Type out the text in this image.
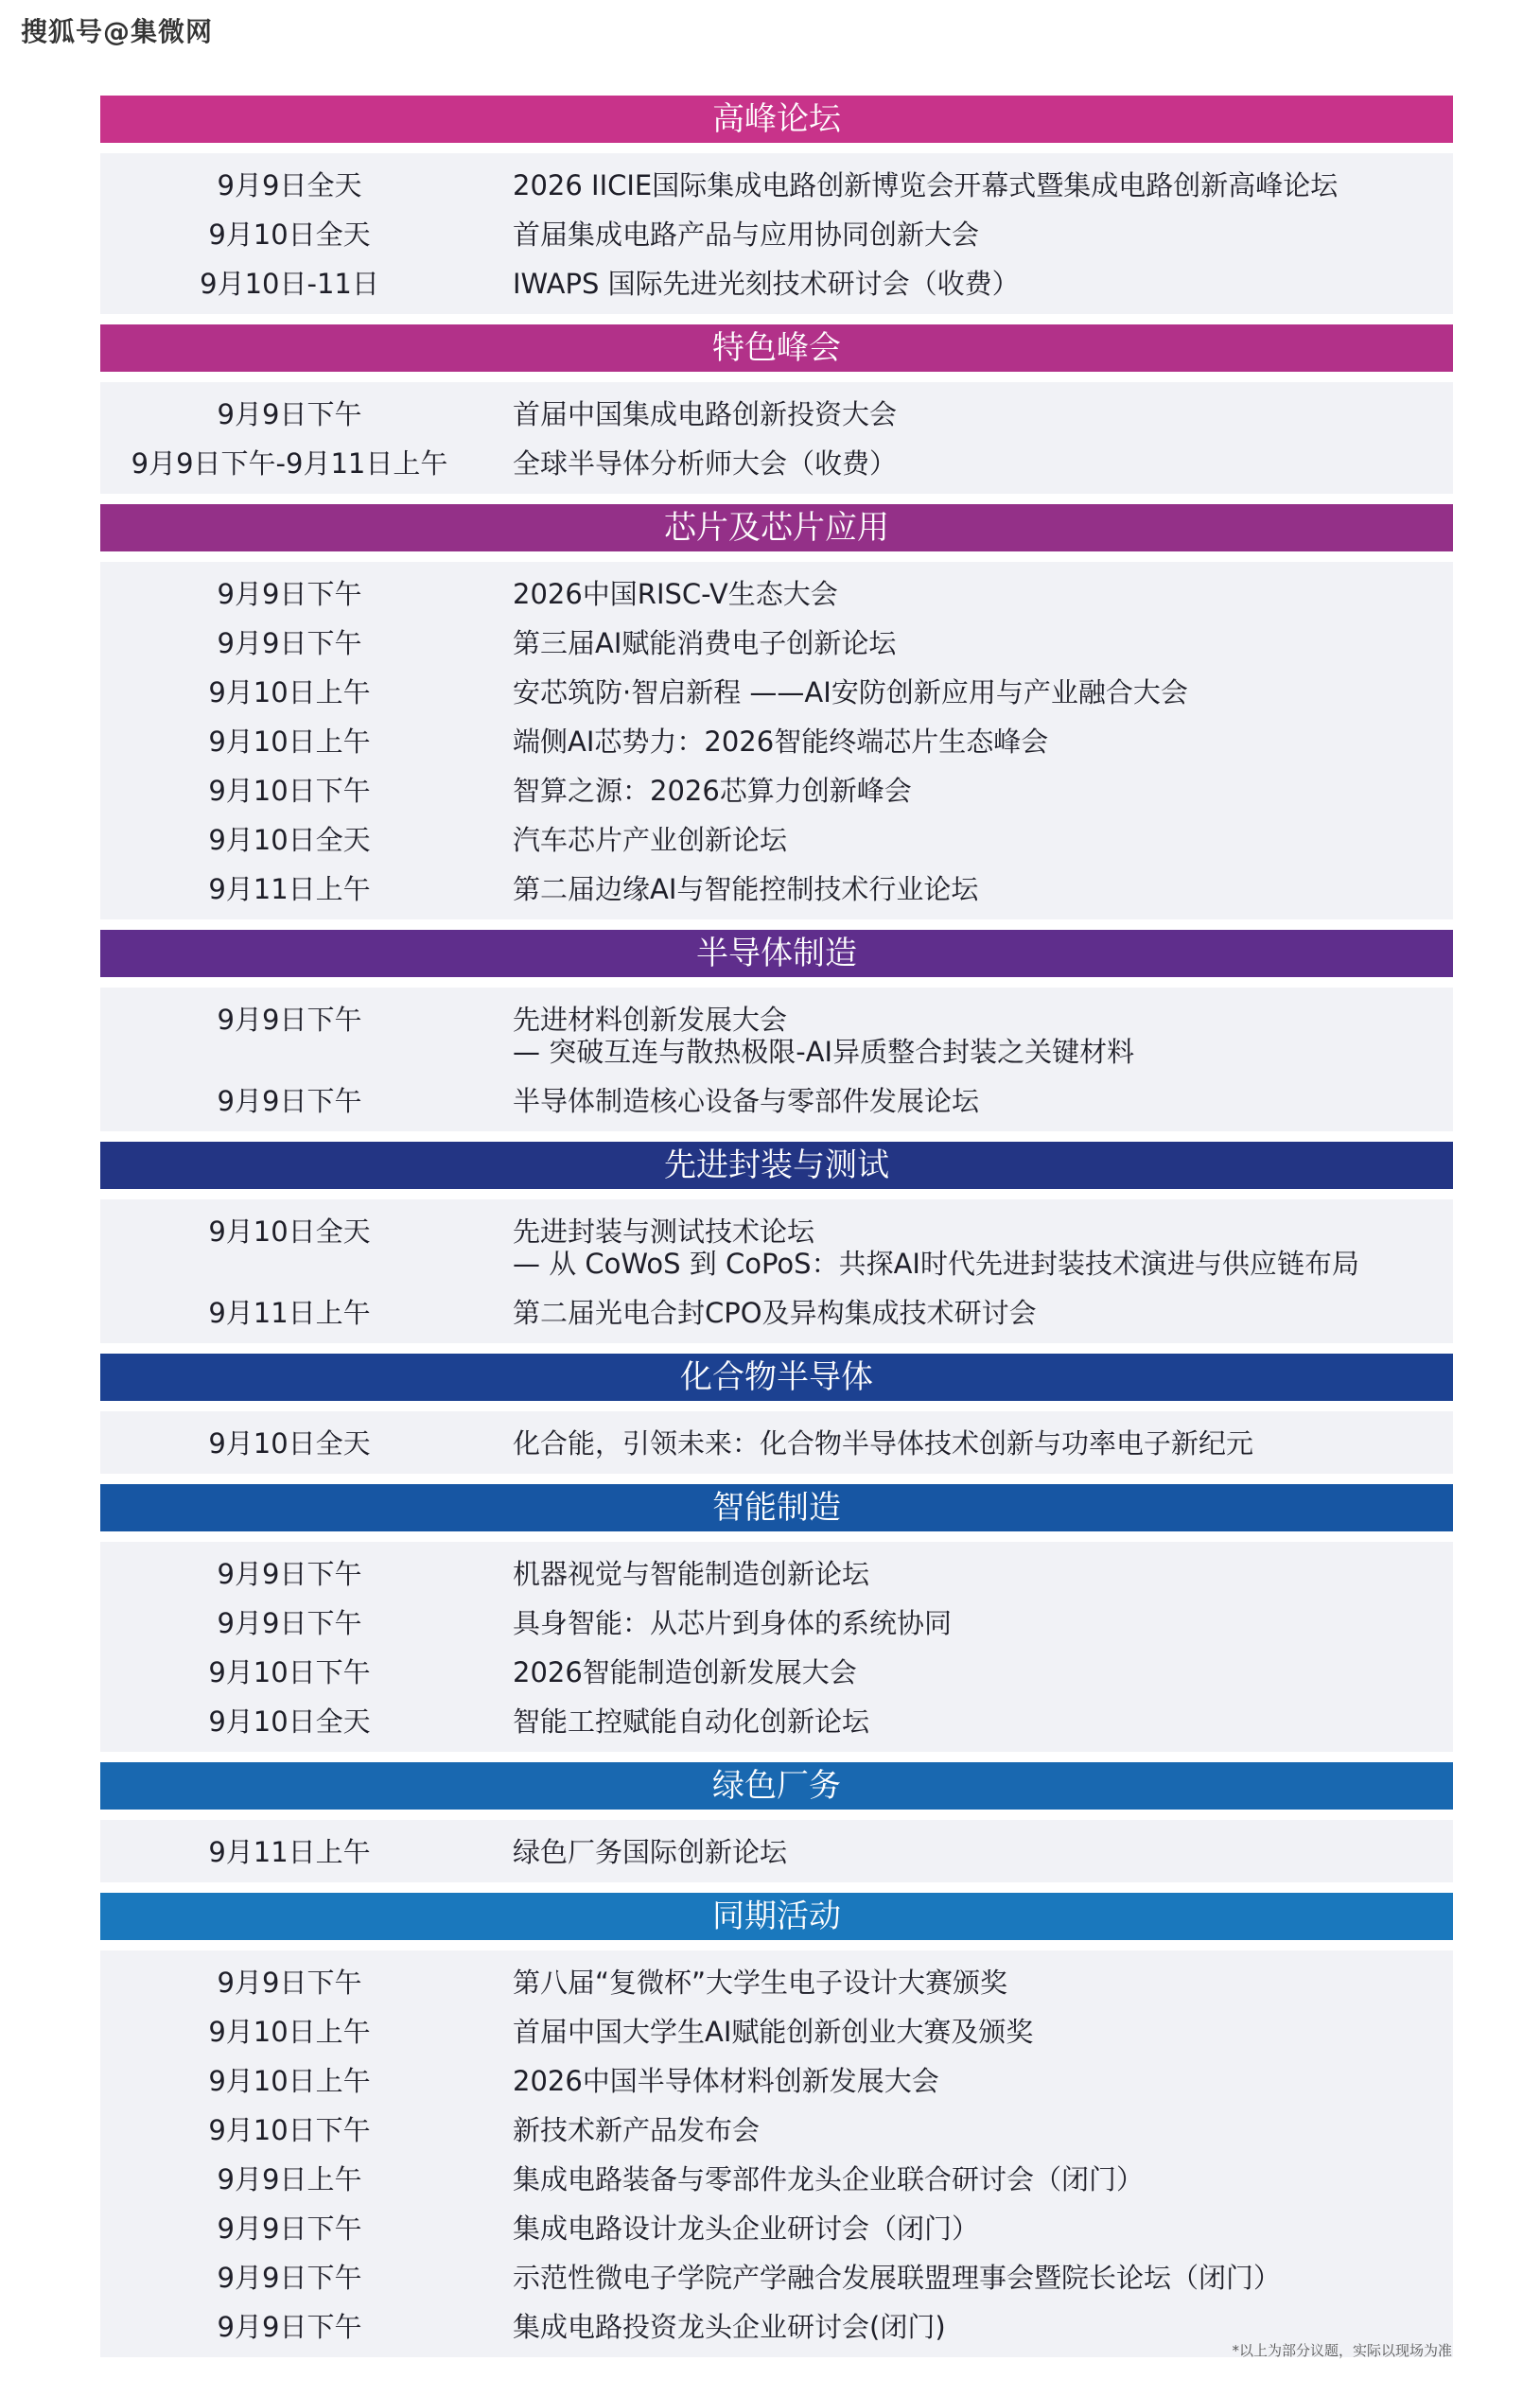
搜狐号@集微网
高峰论坛
9月9日全天	2026 IICIE国际集成电路创新博览会开幕式暨集成电路创新高峰论坛
9月10日全天	首届集成电路产品与应用协同创新大会
9月10日-11日	IWAPS 国际先进光刻技术研讨会（收费）
特色峰会
9月9日下午	首届中国集成电路创新投资大会
9月9日下午-9月11日上午	全球半导体分析师大会（收费）
芯片及芯片应用
9月9日下午	2026中国RISC-V生态大会
9月9日下午	第三届AI赋能消费电子创新论坛
9月10日上午	安芯筑防·智启新程 ——AI安防创新应用与产业融合大会
9月10日上午	端侧AI芯势力：2026智能终端芯片生态峰会
9月10日下午	智算之源：2026芯算力创新峰会
9月10日全天	汽车芯片产业创新论坛
9月11日上午	第二届边缘AI与智能控制技术行业论坛
半导体制造
9月9日下午	先进材料创新发展大会
— 突破互连与散热极限-AI异质整合封装之关键材料
9月9日下午	半导体制造核心设备与零部件发展论坛
先进封装与测试
9月10日全天	先进封装与测试技术论坛
— 从 CoWoS 到 CoPoS：共探AI时代先进封装技术演进与供应链布局
9月11日上午	第二届光电合封CPO及异构集成技术研讨会
化合物半导体
9月10日全天	化合能，引领未来：化合物半导体技术创新与功率电子新纪元
智能制造
9月9日下午	机器视觉与智能制造创新论坛
9月9日下午	具身智能：从芯片到身体的系统协同
9月10日下午	2026智能制造创新发展大会
9月10日全天	智能工控赋能自动化创新论坛
绿色厂务
9月11日上午	绿色厂务国际创新论坛
同期活动
9月9日下午	第八届“复微杯”大学生电子设计大赛颁奖
9月10日上午	首届中国大学生AI赋能创新创业大赛及颁奖
9月10日上午	2026中国半导体材料创新发展大会
9月10日下午	新技术新产品发布会
9月9日上午	集成电路装备与零部件龙头企业联合研讨会（闭门）
9月9日下午	集成电路设计龙头企业研讨会（闭门）
9月9日下午	示范性微电子学院产学融合发展联盟理事会暨院长论坛（闭门）
9月9日下午	集成电路投资龙头企业研讨会(闭门)
*以上为部分议题，实际以现场为准
